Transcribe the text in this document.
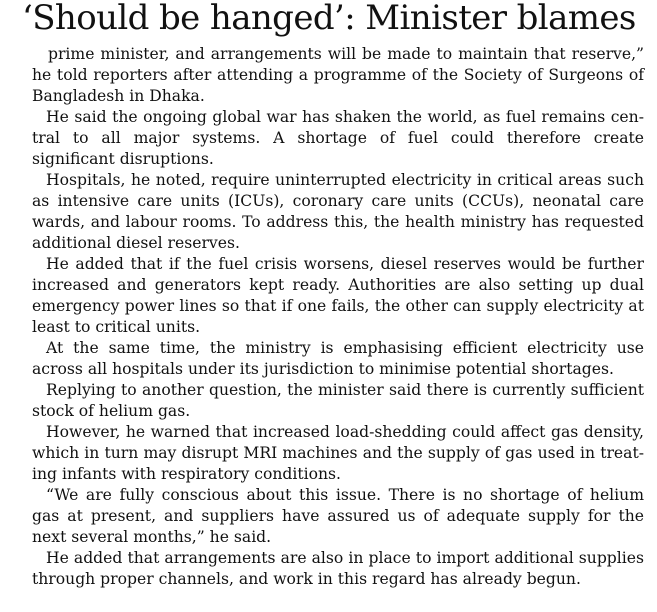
‘Should be hanged’: Minister blames

prime minister, and arrangements will be made to maintain that reserve,” he told reporters after attending a programme of the Society of Surgeons of Bangladesh in Dhaka.

He said the ongoing global war has shaken the world, as fuel remains central to all major systems. A shortage of fuel could therefore create significant disruptions.

Hospitals, he noted, require uninterrupted electricity in critical areas such as intensive care units (ICUs), coronary care units (CCUs), neonatal care wards, and labour rooms. To address this, the health ministry has requested additional diesel reserves.

He added that if the fuel crisis worsens, diesel reserves would be further increased and generators kept ready. Authorities are also setting up dual emergency power lines so that if one fails, the other can supply electricity at least to critical units.

At the same time, the ministry is emphasising efficient electricity use across all hospitals under its jurisdiction to minimise potential shortages.

Replying to another question, the minister said there is currently sufficient stock of helium gas.

However, he warned that increased load-shedding could affect gas density, which in turn may disrupt MRI machines and the supply of gas used in treating infants with respiratory conditions.

“We are fully conscious about this issue. There is no shortage of helium gas at present, and suppliers have assured us of adequate supply for the next several months,” he said.

He added that arrangements are also in place to import additional supplies through proper channels, and work in this regard has already begun.
